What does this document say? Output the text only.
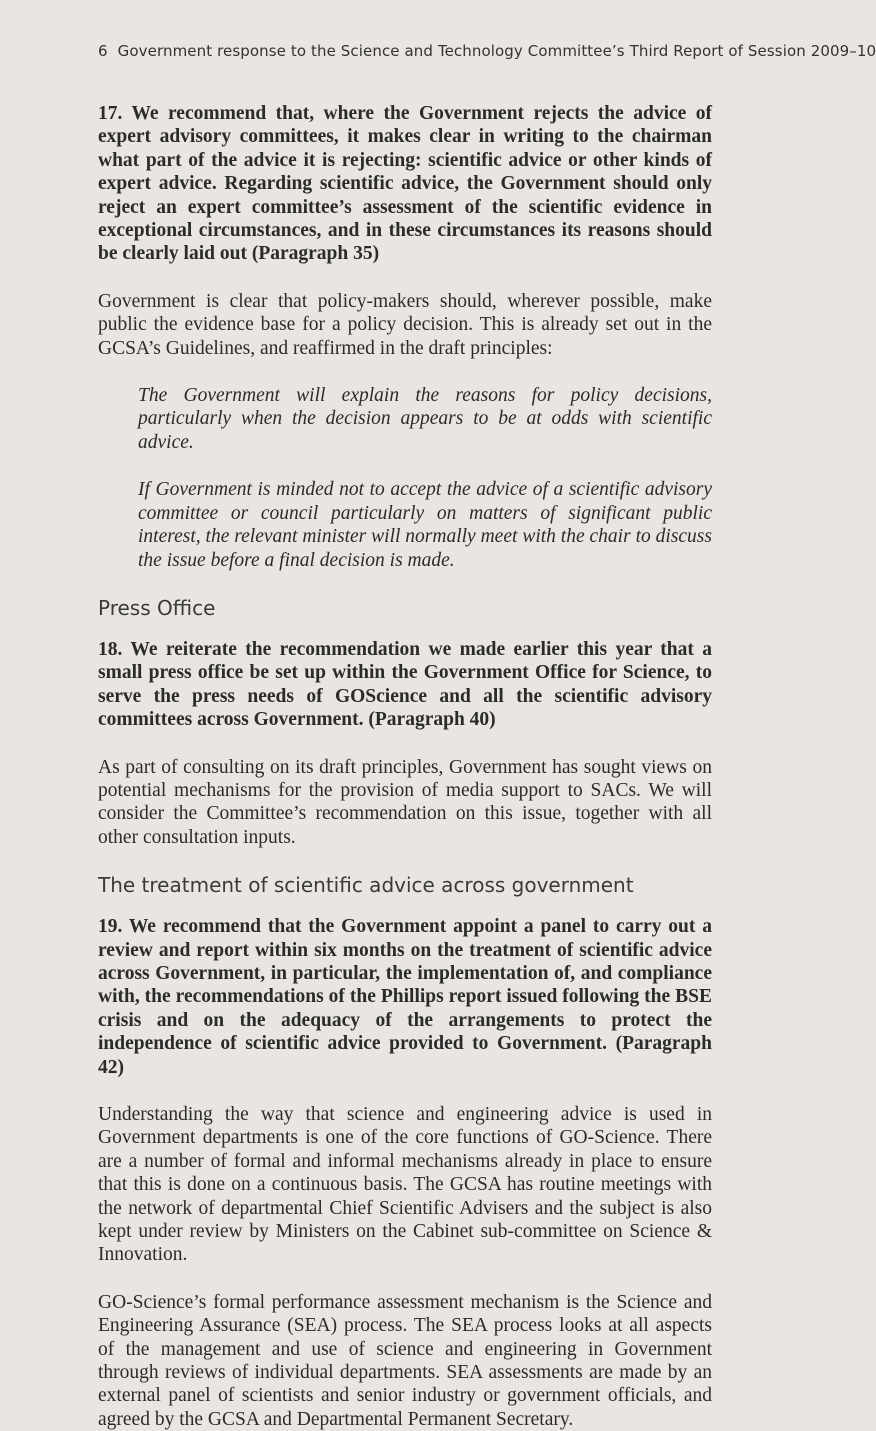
6 Government response to the Science and Technology Committee’s Third Report of Session 2009–10

17. We recommend that, where the Government rejects the advice of expert advisory committees, it makes clear in writing to the chairman what part of the advice it is rejecting: scientific advice or other kinds of expert advice. Regarding scientific advice, the Government should only reject an expert committee’s assessment of the scientific evidence in exceptional circumstances, and in these circumstances its reasons should be clearly laid out (Paragraph 35)

Government is clear that policy-makers should, wherever possible, make public the evidence base for a policy decision. This is already set out in the GCSA’s Guidelines, and reaffirmed in the draft principles:

The Government will explain the reasons for policy decisions, particularly when the decision appears to be at odds with scientific advice.

If Government is minded not to accept the advice of a scientific advisory committee or council particularly on matters of significant public interest, the relevant minister will normally meet with the chair to discuss the issue before a final decision is made.

Press Office

18. We reiterate the recommendation we made earlier this year that a small press office be set up within the Government Office for Science, to serve the press needs of GOScience and all the scientific advisory committees across Government. (Paragraph 40)

As part of consulting on its draft principles, Government has sought views on potential mechanisms for the provision of media support to SACs. We will consider the Committee’s recommendation on this issue, together with all other consultation inputs.

The treatment of scientific advice across government

19. We recommend that the Government appoint a panel to carry out a review and report within six months on the treatment of scientific advice across Government, in particular, the implementation of, and compliance with, the recommendations of the Phillips report issued following the BSE crisis and on the adequacy of the arrangements to protect the independence of scientific advice provided to Government. (Paragraph 42)

Understanding the way that science and engineering advice is used in Government departments is one of the core functions of GO-Science. There are a number of formal and informal mechanisms already in place to ensure that this is done on a continuous basis. The GCSA has routine meetings with the network of departmental Chief Scientific Advisers and the subject is also kept under review by Ministers on the Cabinet sub-committee on Science & Innovation.

GO-Science’s formal performance assessment mechanism is the Science and Engineering Assurance (SEA) process. The SEA process looks at all aspects of the management and use of science and engineering in Government through reviews of individual departments. SEA assessments are made by an external panel of scientists and senior industry or government officials, and agreed by the GCSA and Departmental Permanent Secretary.
